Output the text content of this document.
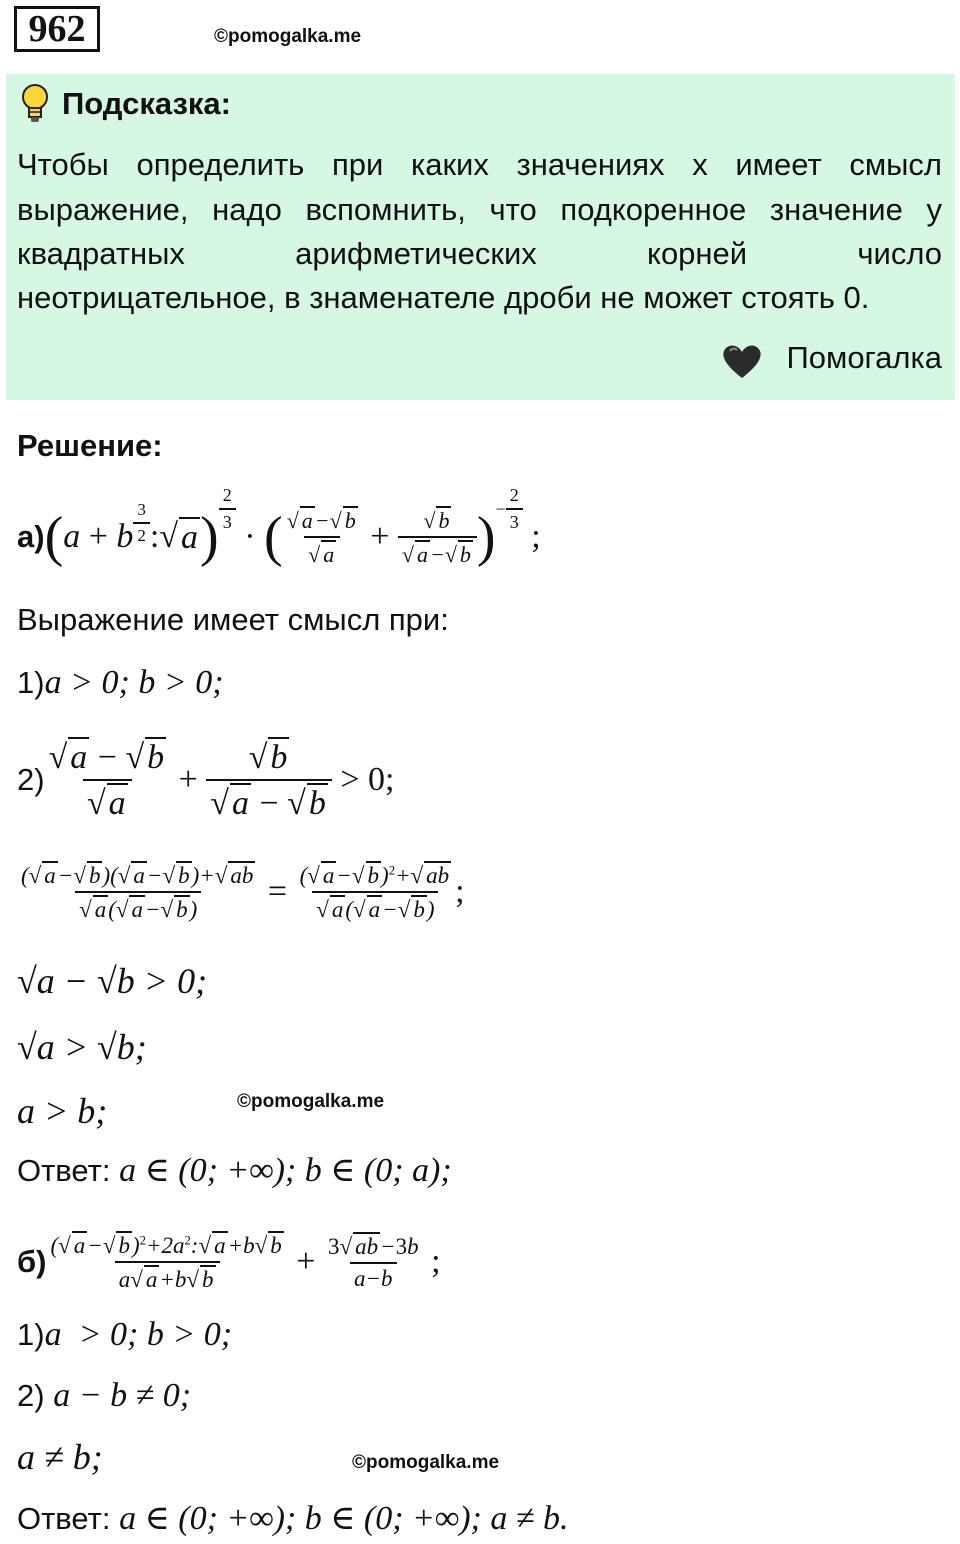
962	©pomogalka.me
Подсказка:
Чтобы определить при каких значениях x имеет смысл
выражение, надо вспомнить, что подкоренное значение у
квадратных арифметических корней число
неотрицательное, в знаменателе дроби не может стоять 0.
Помогалка
Решение:
а) ( a + b $^{\frac{3}{2}}$ : √ a ) $\frac{2}{3}$
· ( $\frac{√ a-√ b}{√ a} + \frac{√ b}{√ a-√ b}$ ) − $\frac{2}{3}$
;
Выражение имеет смысл при:
1)a > 0; b > 0;
$2) \frac{√a - √b}{√a} + \frac{√b}{√a - √b}$
> 0;
$\frac{(√ a-√ b)(√ a-√ b)+√ ab}{√ a(√ a-√ b)} = \frac{(√ a-√ b)^2+√ ab}{√ a(√ a-√ b)}$ ;
√a − √b > 0;
√a > √b;
a > b;	©pomogalka.me
Ответ: a ∈ (0; +∞); b ∈ (0; a);
$б) \frac{(√ a-√ b)^2+2a^2:√ a+b√ b}{a√ a+b√ b} + \frac{3√ ab-3b}{a-b}$ ;
1)a  > 0; b > 0;
2) a − b ≠ 0;
a ≠ b;	©pomogalka.me
Ответ: a ∈ (0; +∞); b ∈ (0; +∞); a ≠ b.
